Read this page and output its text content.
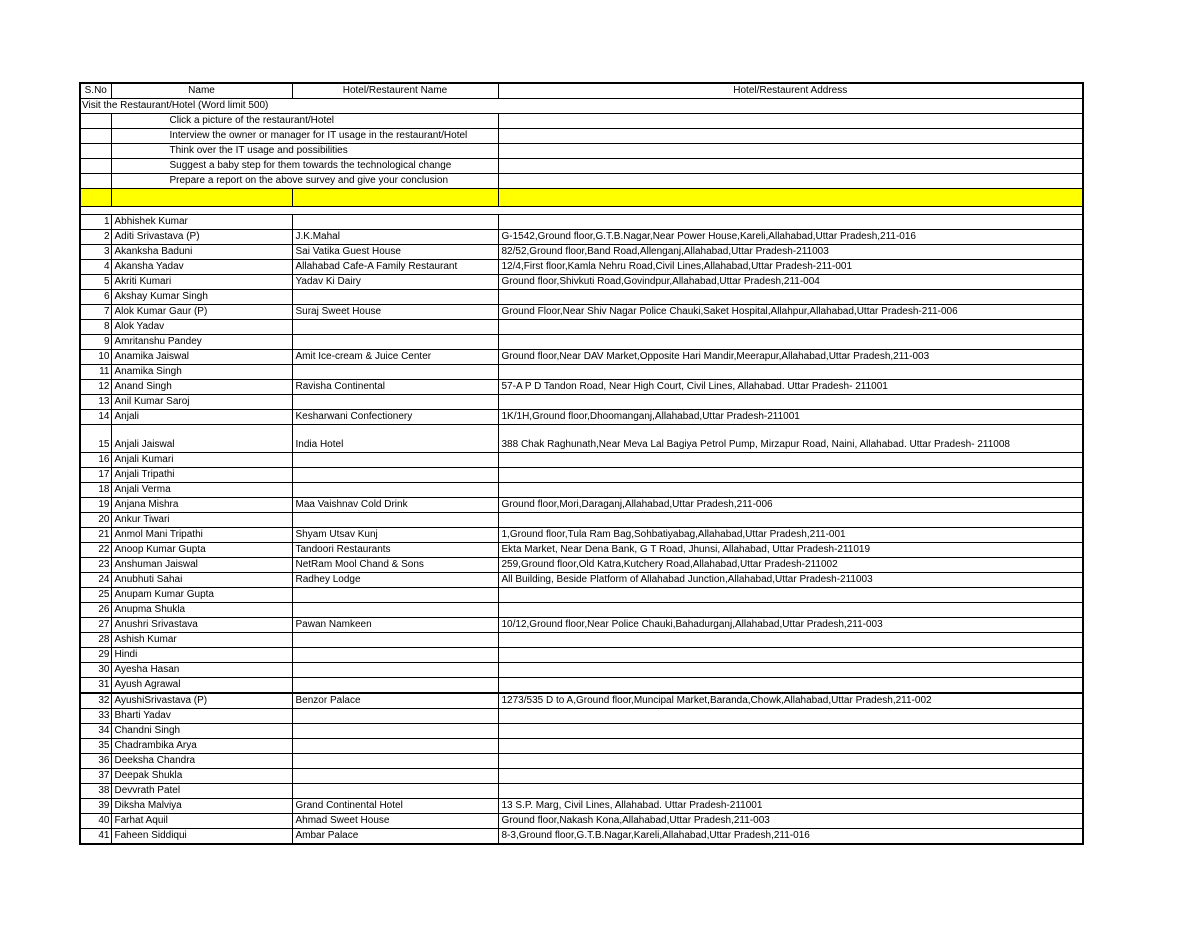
S.No	Name	Hotel/Restaurent Name	Hotel/Restaurent Address
Visit the Restaurant/Hotel (Word limit 500)			
	Click a picture of the restaurant/Hotel		
	Interview the owner or manager for IT usage in the restaurant/Hotel		
	Think over the IT usage and possibilities		
	Suggest a baby step for them towards the technological change		
	Prepare a report on the above survey and give your conclusion		

1	Abhishek Kumar		
2	Aditi Srivastava (P)	J.K.Mahal	G-1542,Ground floor,G.T.B.Nagar,Near Power House,Kareli,Allahabad,Uttar Pradesh,211-016
3	Akanksha Baduni	Sai Vatika Guest House	82/52,Ground floor,Band Road,Allenganj,Allahabad,Uttar Pradesh-211003
4	Akansha Yadav	Allahabad Cafe-A Family Restaurant	12/4,First floor,Kamla Nehru Road,Civil Lines,Allahabad,Uttar Pradesh-211-001
5	Akriti Kumari	Yadav Ki Dairy	Ground floor,Shivkuti Road,Govindpur,Allahabad,Uttar Pradesh,211-004
6	Akshay Kumar Singh		
7	Alok Kumar Gaur (P)	Suraj Sweet House	Ground Floor,Near Shiv Nagar Police Chauki,Saket Hospital,Allahpur,Allahabad,Uttar Pradesh-211-006
8	Alok Yadav		
9	Amritanshu Pandey		
10	Anamika Jaiswal	Amit Ice-cream & Juice Center	Ground floor,Near DAV Market,Opposite Hari Mandir,Meerapur,Allahabad,Uttar Pradesh,211-003
11	Anamika Singh		
12	Anand Singh	Ravisha Continental	57-A P D Tandon Road, Near High Court, Civil Lines, Allahabad. Uttar Pradesh- 211001
13	Anil Kumar Saroj		
14	Anjali	Kesharwani Confectionery	1K/1H,Ground floor,Dhoomanganj,Allahabad,Uttar Pradesh-211001
15	Anjali Jaiswal	India Hotel	388 Chak Raghunath,Near Meva Lal Bagiya Petrol Pump, Mirzapur Road, Naini, Allahabad. Uttar Pradesh- 211008
16	Anjali Kumari		
17	Anjali Tripathi		
18	Anjali Verma		
19	Anjana Mishra	Maa Vaishnav Cold Drink	Ground floor,Mori,Daraganj,Allahabad,Uttar Pradesh,211-006
20	Ankur Tiwari		
21	Anmol Mani Tripathi	Shyam Utsav Kunj	1,Ground floor,Tula Ram Bag,Sohbatiyabag,Allahabad,Uttar Pradesh,211-001
22	Anoop Kumar Gupta	Tandoori Restaurants	Ekta Market, Near Dena Bank, G T Road, Jhunsi, Allahabad, Uttar Pradesh-211019
23	Anshuman Jaiswal	NetRam Mool Chand & Sons	259,Ground floor,Old Katra,Kutchery Road,Allahabad,Uttar Pradesh-211002
24	Anubhuti Sahai	Radhey Lodge	All Building, Beside Platform of Allahabad Junction,Allahabad,Uttar Pradesh-211003
25	Anupam Kumar Gupta		
26	Anupma Shukla		
27	Anushri Srivastava	Pawan Namkeen	10/12,Ground floor,Near Police Chauki,Bahadurganj,Allahabad,Uttar Pradesh,211-003
28	Ashish Kumar		
29	Hindi		
30	Ayesha Hasan		
31	Ayush Agrawal		
32	AyushiSrivastava (P)	Benzor Palace	1273/535 D to A,Ground floor,Muncipal Market,Baranda,Chowk,Allahabad,Uttar Pradesh,211-002
33	Bharti Yadav		
34	Chandni Singh		
35	Chadrambika Arya		
36	Deeksha Chandra		
37	Deepak Shukla		
38	Devvrath Patel		
39	Diksha Malviya	Grand Continental Hotel	13 S.P. Marg, Civil Lines, Allahabad. Uttar Pradesh-211001
40	Farhat Aquil	Ahmad Sweet House	Ground floor,Nakash Kona,Allahabad,Uttar Pradesh,211-003
41	Faheen Siddiqui	Ambar Palace	8-3,Ground floor,G.T.B.Nagar,Kareli,Allahabad,Uttar Pradesh,211-016
